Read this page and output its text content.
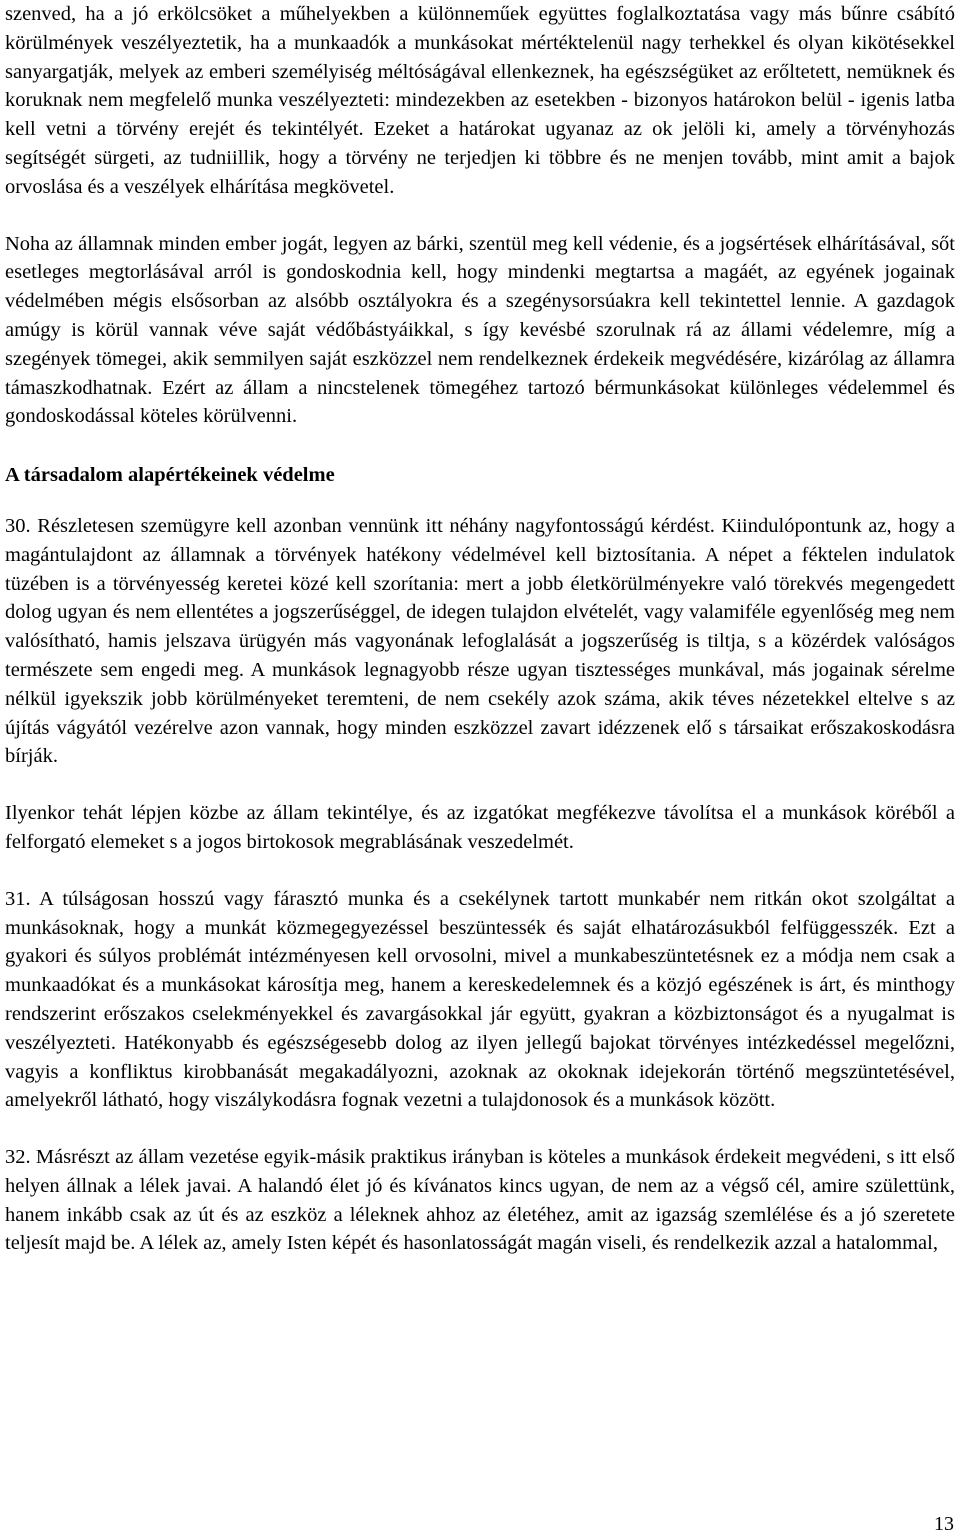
szenved, ha a jó erkölcsöket a műhelyekben a különneműek együttes foglalkoztatása vagy más bűnre csábító körülmények veszélyeztetik, ha a munkaadók a munkásokat mértéktelenül nagy terhekkel és olyan kikötésekkel sanyargatják, melyek az emberi személyiség méltóságával ellenkeznek, ha egészségüket az erőltetett, nemüknek és koruknak nem megfelelő munka veszélyezteti: mindezekben az esetekben - bizonyos határokon belül - igenis latba kell vetni a törvény erejét és tekintélyét. Ezeket a határokat ugyanaz az ok jelöli ki, amely a törvényhozás segítségét sürgeti, az tudniillik, hogy a törvény ne terjedjen ki többre és ne menjen tovább, mint amit a bajok orvoslása és a veszélyek elhárítása megkövetel.

Noha az államnak minden ember jogát, legyen az bárki, szentül meg kell védenie, és a jogsértések elhárításával, sőt esetleges megtorlásával arról is gondoskodnia kell, hogy mindenki megtartsa a magáét, az egyének jogainak védelmében mégis elsősorban az alsóbb osztályokra és a szegénysorsúakra kell tekintettel lennie. A gazdagok amúgy is körül vannak véve saját védőbástyáikkal, s így kevésbé szorulnak rá az állami védelemre, míg a szegények tömegei, akik semmilyen saját eszközzel nem rendelkeznek érdekeik megvédésére, kizárólag az államra támaszkodhatnak. Ezért az állam a nincstelenek tömegéhez tartozó bérmunkásokat különleges védelemmel és gondoskodással köteles körülvenni.

A társadalom alapértékeinek védelme

30. Részletesen szemügyre kell azonban vennünk itt néhány nagyfontosságú kérdést. Kiindulópontunk az, hogy a magántulajdont az államnak a törvények hatékony védelmével kell biztosítania. A népet a féktelen indulatok tüzében is a törvényesség keretei közé kell szorítania: mert a jobb életkörülményekre való törekvés megengedett dolog ugyan és nem ellentétes a jogszerűséggel, de idegen tulajdon elvételét, vagy valamiféle egyenlőség meg nem valósítható, hamis jelszava ürügyén más vagyonának lefoglalását a jogszerűség is tiltja, s a közérdek valóságos természete sem engedi meg. A munkások legnagyobb része ugyan tisztességes munkával, más jogainak sérelme nélkül igyekszik jobb körülményeket teremteni, de nem csekély azok száma, akik téves nézetekkel eltelve s az újítás vágyától vezérelve azon vannak, hogy minden eszközzel zavart idézzenek elő s társaikat erőszakoskodásra bírják.

Ilyenkor tehát lépjen közbe az állam tekintélye, és az izgatókat megfékezve távolítsa el a munkások köréből a felforgató elemeket s a jogos birtokosok megrablásának veszedelmét.

31. A túlságosan hosszú vagy fárasztó munka és a csekélynek tartott munkabér nem ritkán okot szolgáltat a munkásoknak, hogy a munkát közmegegyezéssel beszüntessék és saját elhatározásukból felfüggesszék. Ezt a gyakori és súlyos problémát intézményesen kell orvosolni, mivel a munkabeszüntetésnek ez a módja nem csak a munkaadókat és a munkásokat károsítja meg, hanem a kereskedelemnek és a közjó egészének is árt, és minthogy rendszerint erőszakos cselekményekkel és zavargásokkal jár együtt, gyakran a közbiztonságot és a nyugalmat is veszélyezteti. Hatékonyabb és egészségesebb dolog az ilyen jellegű bajokat törvényes intézkedéssel megelőzni, vagyis a konfliktus kirobbanását megakadályozni, azoknak az okoknak idejekorán történő megszüntetésével, amelyekről látható, hogy viszálykodásra fognak vezetni a tulajdonosok és a munkások között.

32. Másrészt az állam vezetése egyik-másik praktikus irányban is köteles a munkások érdekeit megvédeni, s itt első helyen állnak a lélek javai. A halandó élet jó és kívánatos kincs ugyan, de nem az a végső cél, amire születtünk, hanem inkább csak az út és az eszköz a léleknek ahhoz az életéhez, amit az igazság szemlélése és a jó szeretete teljesít majd be. A lélek az, amely Isten képét és hasonlatosságát magán viseli, és rendelkezik azzal a hatalommal,

13
